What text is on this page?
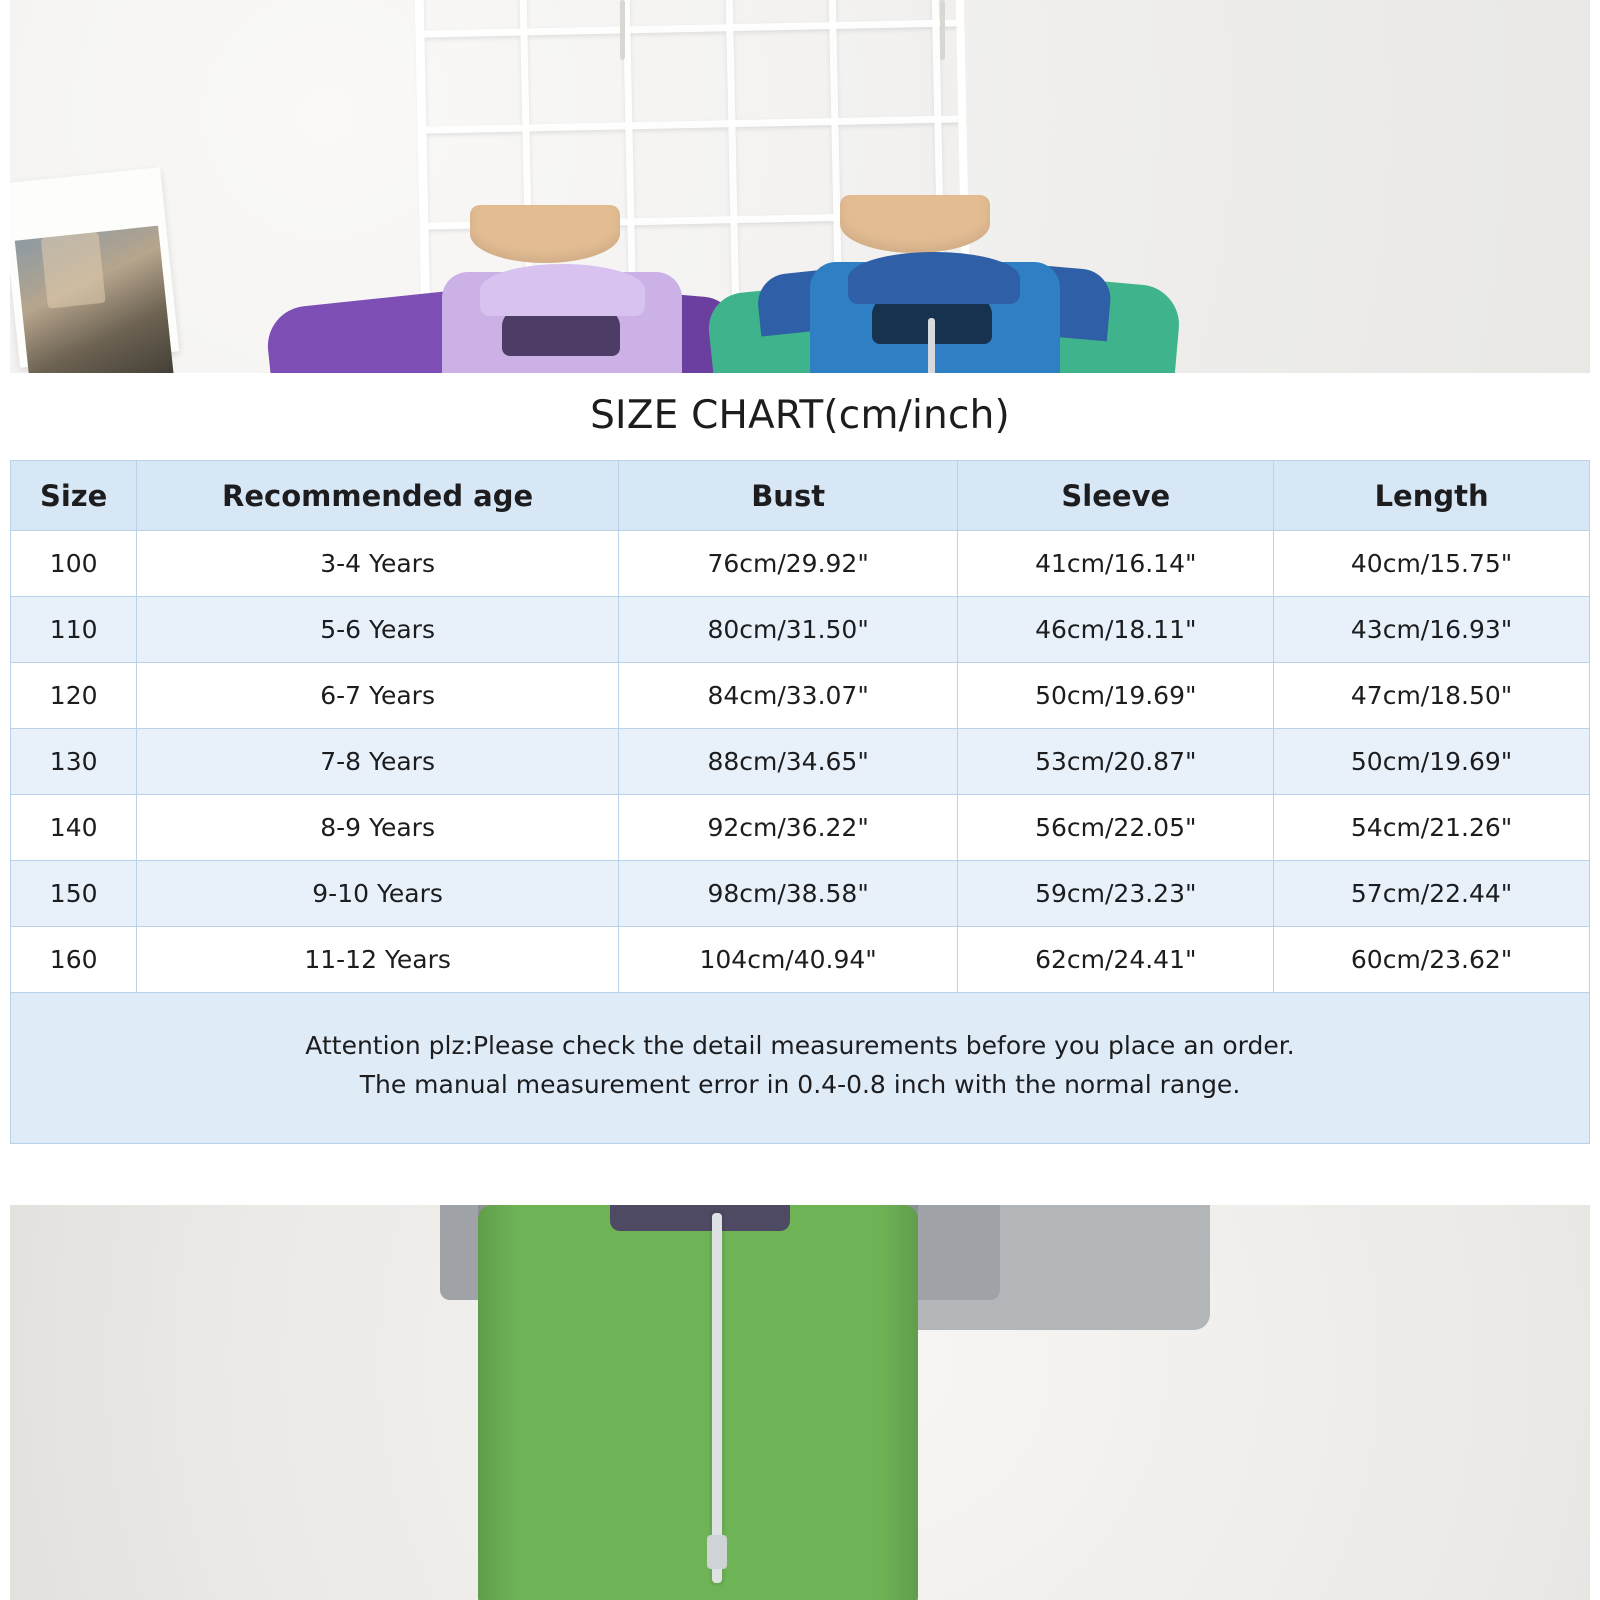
SIZE CHART(cm/inch)
Size	Recommended age	Bust	Sleeve	Length
100	3-4 Years	76cm/29.92"	41cm/16.14"	40cm/15.75"
110	5-6 Years	80cm/31.50"	46cm/18.11"	43cm/16.93"
120	6-7 Years	84cm/33.07"	50cm/19.69"	47cm/18.50"
130	7-8 Years	88cm/34.65"	53cm/20.87"	50cm/19.69"
140	8-9 Years	92cm/36.22"	56cm/22.05"	54cm/21.26"
150	9-10 Years	98cm/38.58"	59cm/23.23"	57cm/22.44"
160	11-12 Years	104cm/40.94"	62cm/24.41"	60cm/23.62"
Attention plz:Please check the detail measurements before you place an order.
The manual measurement error in 0.4-0.8 inch with the normal range.
